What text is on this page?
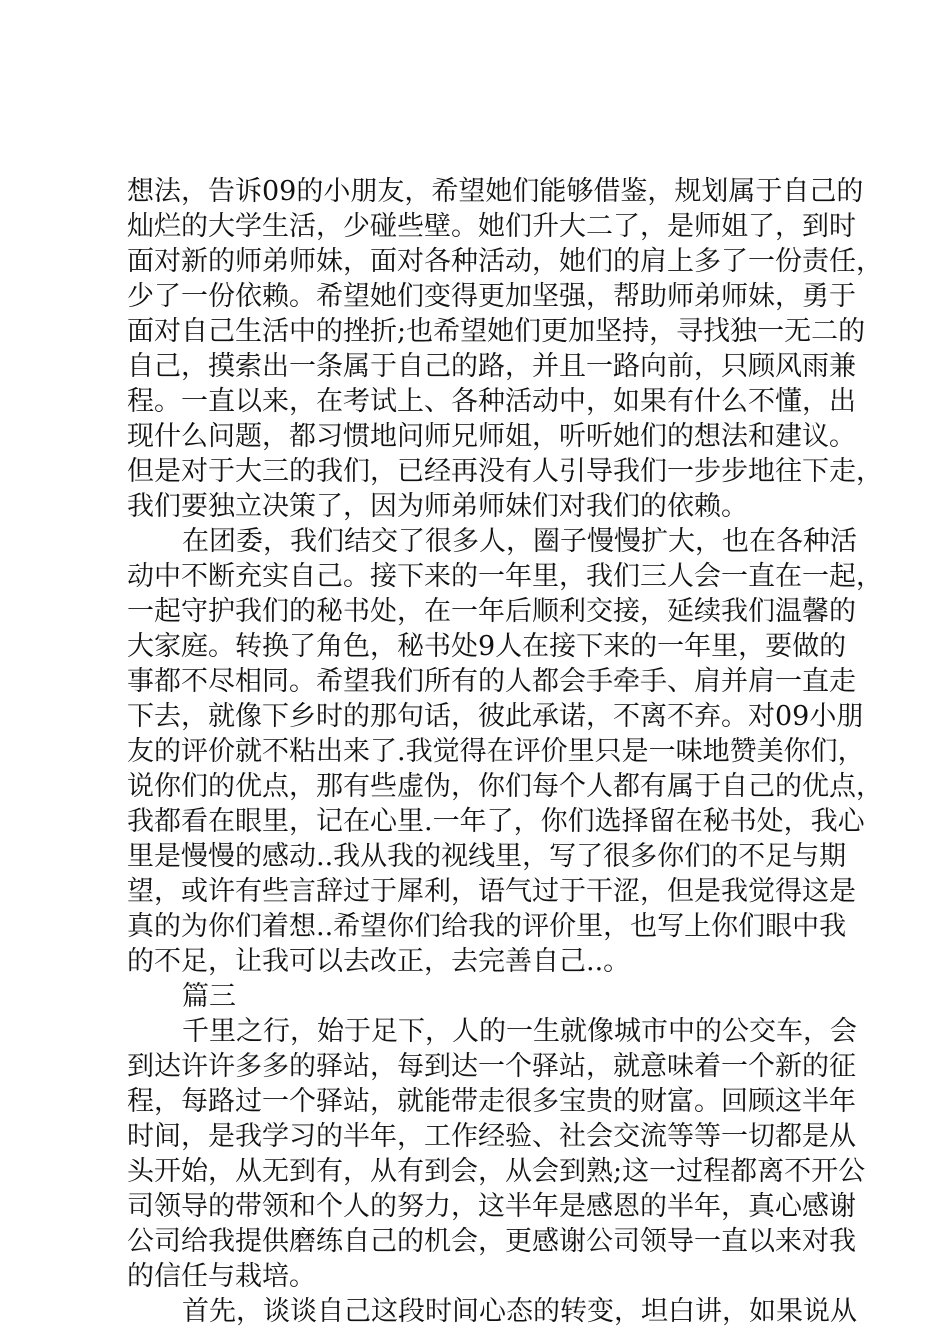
想法，告诉09的小朋友，希望她们能够借鉴，规划属于自己的
灿烂的大学生活，少碰些壁。她们升大二了，是师姐了，到时
面对新的师弟师妹，面对各种活动，她们的肩上多了一份责任，
少了一份依赖。希望她们变得更加坚强，帮助师弟师妹，勇于
面对自己生活中的挫折;也希望她们更加坚持，寻找独一无二的
自己，摸索出一条属于自己的路，并且一路向前，只顾风雨兼
程。一直以来，在考试上、各种活动中，如果有什么不懂，出
现什么问题，都习惯地问师兄师姐，听听她们的想法和建议。
但是对于大三的我们，已经再没有人引导我们一步步地往下走，
我们要独立决策了，因为师弟师妹们对我们的依赖。
在团委，我们结交了很多人，圈子慢慢扩大，也在各种活
动中不断充实自己。接下来的一年里，我们三人会一直在一起，
一起守护我们的秘书处，在一年后顺利交接，延续我们温馨的
大家庭。转换了角色，秘书处9人在接下来的一年里，要做的
事都不尽相同。希望我们所有的人都会手牵手、肩并肩一直走
下去，就像下乡时的那句话，彼此承诺，不离不弃。对09小朋
友的评价就不粘出来了.我觉得在评价里只是一味地赞美你们，
说你们的优点，那有些虚伪，你们每个人都有属于自己的优点，
我都看在眼里，记在心里.一年了，你们选择留在秘书处，我心
里是慢慢的感动..我从我的视线里，写了很多你们的不足与期
望，或许有些言辞过于犀利，语气过于干涩，但是我觉得这是
真的为你们着想..希望你们给我的评价里，也写上你们眼中我
的不足，让我可以去改正，去完善自己..。
篇三
千里之行，始于足下，人的一生就像城市中的公交车，会
到达许许多多的驿站，每到达一个驿站，就意味着一个新的征
程，每路过一个驿站，就能带走很多宝贵的财富。回顾这半年
时间，是我学习的半年，工作经验、社会交流等等一切都是从
头开始，从无到有，从有到会，从会到熟;这一过程都离不开公
司领导的带领和个人的努力，这半年是感恩的半年，真心感谢
公司给我提供磨练自己的机会，更感谢公司领导一直以来对我
的信任与栽培。
首先，谈谈自己这段时间心态的转变，坦白讲，如果说从
